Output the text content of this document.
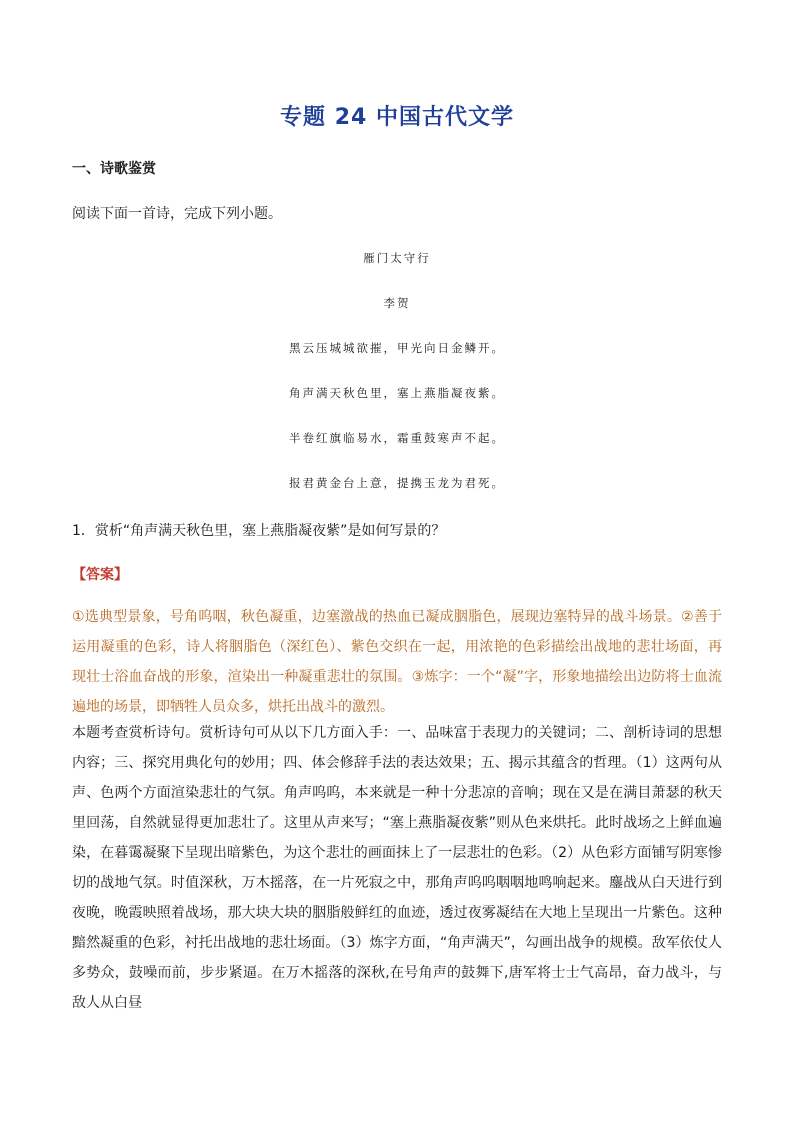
专题 24 中国古代文学
一、诗歌鉴赏
阅读下面一首诗，完成下列小题。
雁门太守行
李贺
黑云压城城欲摧，甲光向日金鳞开。
角声满天秋色里，塞上燕脂凝夜紫。
半卷红旗临易水，霜重鼓寒声不起。
报君黄金台上意，提携玉龙为君死。
1．赏析“角声满天秋色里，塞上燕脂凝夜紫”是如何写景的？
【答案】
①选典型景象，号角呜咽，秋色凝重，边塞激战的热血已凝成胭脂色，展现边塞特异的战斗场景。②善于运用凝重的色彩，诗人将胭脂色（深红色）、紫色交织在一起，用浓艳的色彩描绘出战地的悲壮场面，再现壮士浴血奋战的形象，渲染出一种凝重悲壮的氛围。③炼字：一个“凝”字，形象地描绘出边防将士血流遍地的场景，即牺牲人员众多，烘托出战斗的激烈。
本题考查赏析诗句。赏析诗句可从以下几方面入手：一、品味富于表现力的关键词；二、剖析诗词的思想内容；三、探究用典化句的妙用；四、体会修辞手法的表达效果；五、揭示其蕴含的哲理。（1）这两句从声、色两个方面渲染悲壮的气氛。角声呜呜，本来就是一种十分悲凉的音响；现在又是在满目萧瑟的秋天里回荡，自然就显得更加悲壮了。这里从声来写；“塞上燕脂凝夜紫”则从色来烘托。此时战场之上鲜血遍染，在暮霭凝聚下呈现出暗紫色，为这个悲壮的画面抹上了一层悲壮的色彩。（2）从色彩方面铺写阴寒惨切的战地气氛。时值深秋，万木摇落，在一片死寂之中，那角声呜呜咽咽地鸣响起来。鏖战从白天进行到夜晚，晚霞映照着战场，那大块大块的胭脂般鲜红的血迹，透过夜雾凝结在大地上呈现出一片紫色。这种黯然凝重的色彩，衬托出战地的悲壮场面。（3）炼字方面，“角声满天”，勾画出战争的规模。敌军依仗人多势众，鼓噪而前，步步紧逼。在万木摇落的深秋,在号角声的鼓舞下,唐军将士士气高昂，奋力战斗，与敌人从白昼
